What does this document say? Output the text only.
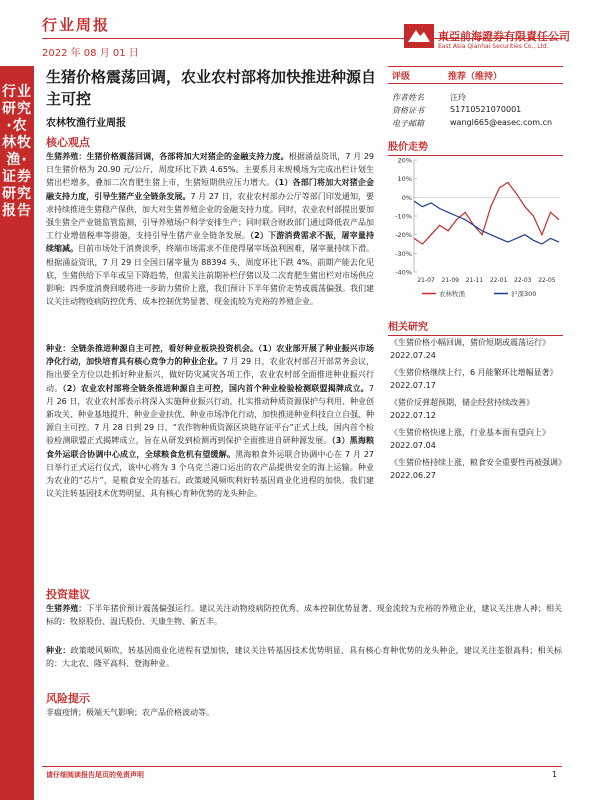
行业周报
2022 年 08 月 01 日
東亞前海證券有限責任公司
East Asia Qianhai Securities Co., Ltd.
行业研究·农林牧渔·证券研究报告
生猪价格震荡回调，农业农村部将加快推进种源自主可控
农林牧渔行业周报
核心观点
生猪养殖：生猪价格震荡回调，各部将加大对猪企的金融支持力度。根据涌益资讯，7 月 29 日生猪价格为 20.90 元/公斤，周度环比下跌 4.65%。主要系月末规模场为完成出栏计划生猪出栏增多，叠加二次育肥生猪上市，生猪短期供应压力增大。（1）各部门将加大对猪企金融支持力度，引导生猪产业全链条发展。7 月 27 日，农业农村部办公厅等部门印发通知，要求持续推进生猪稳产保供，加大对生猪养殖企业的金融支持力度。同时，农业农村部提出要加强生猪全产业链监管监测，引导养殖场户科学安排生产；同时联合财政部门通过降低农产品加工行业增值税率等措施，支持引导生猪产业全链条发展。（2）下游消费需求不振，屠宰量持续缩减。目前市场处于消费淡季，终端市场需求不佳使得屠宰场盈利困难，屠宰量持续下滑。根据涌益资讯，7 月 29 日全国日屠宰量为 88394 头，周度环比下跌 4%。前期产能去化见底，生猪供给下半年或呈下降趋势，但需关注前期补栏仔猪以及二次育肥生猪出栏对市场供应影响：四季度消费回暖将进一步助力猪价上涨，我们预计下半年猪价走势或震荡偏强。我们建议关注动物疫病防控优秀、成本控制优势显著、现金流较为充裕的养殖企业。
种业：全链条推进种源自主可控，看好种业板块投资机会。（1）农业部开展了种业振兴市场净化行动，加快培育具有核心竞争力的种业企业。7 月 29 日，农业农村部召开部常务会议，指出要全方位以赴抓好种业振兴，做好防灾减灾各项工作，农业农村部全面推进种业振兴行动。（2）农业农村部将全链条推进种源自主可控，国内首个种业检验检测联盟揭牌成立。7 月 26 日，农业农村部表示将深入实施种业振兴行动，扎实推动种质资源保护与利用、种业创新攻关、种业基地提升、种业企业扶优、种业市场净化行动，加快推进种业科技自立自强、种源自主可控。7 月 28 日到 29 日，“农作物种质资源区块链存证平台”正式上线，国内首个检验检测联盟正式揭牌成立，旨在从研发到检测再到保护全面推进自研种源发展。（3）黑海粮食外运联合协调中心成立，全球粮食危机有望缓解。黑海粮食外运联合协调中心在 7 月 27 日举行正式运行仪式，该中心将为 3 个乌克兰港口运出的农产品提供安全的海上运输。种业为农业的“芯片”，是粮食安全的基石。政策暖风频吹利好转基因商业化进程的加快。我们建议关注转基因技术优势明显、具有核心育种优势的龙头种企。
投资建议
生猪养殖：下半年猪价预计震荡偏强运行。建议关注动物疫病防控优秀、成本控制优势显著、现金流较为充裕的养殖企业，建议关注唐人神；相关标的：牧原股份、温氏股份、天康生物、新五丰。
种业：政策暖风频吹，转基因商业化进程有望加快，建议关注转基因技术优势明显、具有核心育种优势的龙头种企，建议关注荃银高科；相关标的：大北农、隆平高科、登海种业。
风险提示
非瘟疫情；极端天气影响；农产品价格波动等。
评级	推荐（维持）
作者姓名	汪玲
资格证书	S1710521070001
电子邮箱	wangl665@easec.com.cn
股价走势
20%
10%
0%
-10%
-20%
-30%
-40%
21-07 21-09 21-11 22-01 22-03 22-05
农林牧渔	沪深300
相关研究
《生猪价格小幅回调，猪价短期或震荡运行》2022.07.24
《生猪价格继续上行，6 月能繁环比增幅显著》2022.07.17
《猪价反弹超预期，储企经营持续改善》2022.07.12
《生猪价格快速上涨，行业基本面有望向上》2022.07.04
《生猪价格持续上涨，粮食安全重要性再被强调》2022.06.27
请仔细阅读报告尾页的免责声明	1
